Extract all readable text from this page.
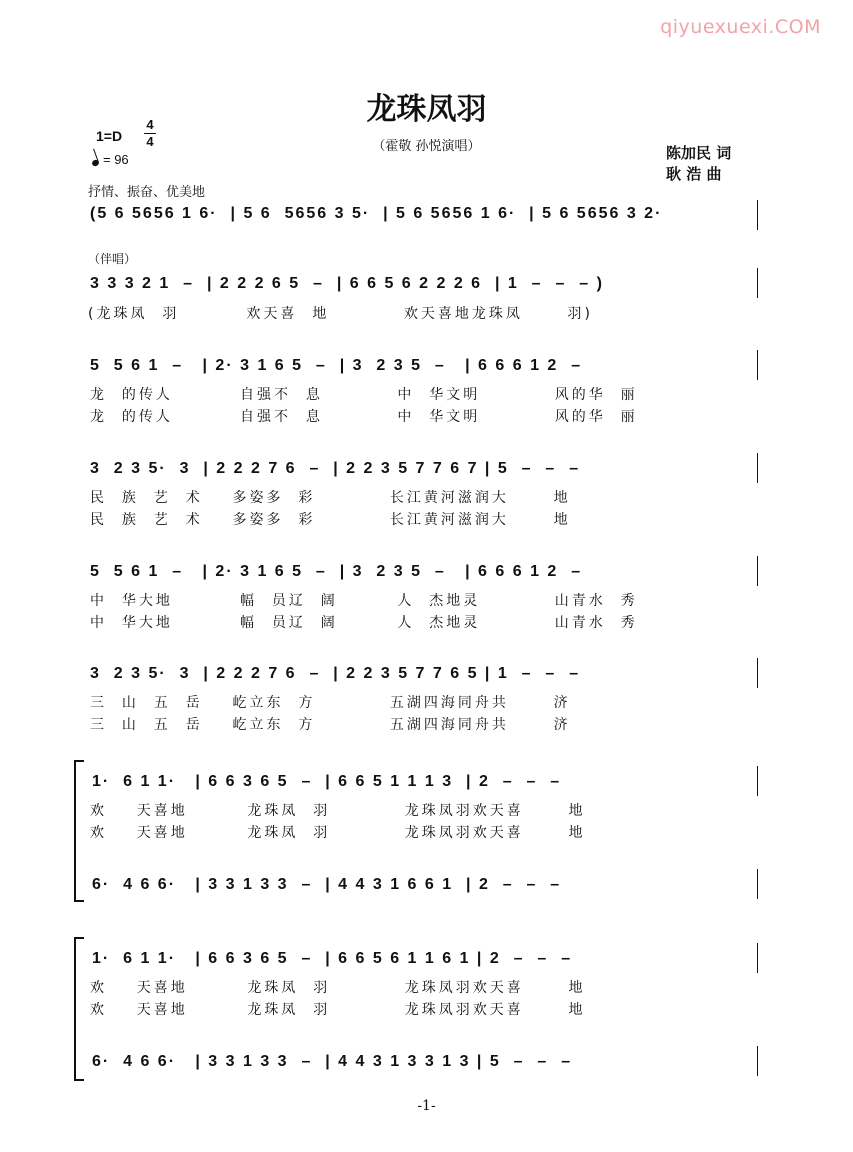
qiyuexuexi.COM
龙珠凤羽
（霍敬 孙悦演唱）
1=D
4
4
= 96	陈加民 词
耿 浩 曲
抒情、振奋、优美地
(5 6 5656 1 6·  | 5 6  5656 3 5·  | 5 6 5656 1 6·  | 5 6 5656 3 2·
（伴唱）
3 3 3 2 1  –  | 2 2 2 6 5  –  | 6 6 5 6 2 2 2 6  | 1  –  –  – )
(龙珠凤  羽         欢天喜  地          欢天喜地龙珠凤      羽)
5  5 6 1  –   | 2· 3 1 6 5  –  | 3  2 3 5  –   | 6 6 6 1 2  –
龙  的传人         自强不  息          中  华文明          风的华  丽
龙  的传人         自强不  息          中  华文明          风的华  丽
3  2 3 5·  3  | 2 2 2 7 6  –  | 2 2 3 5 7 7 6 7 | 5  –  –  –
民  族  艺  术    多姿多  彩          长江黄河滋润大      地
民  族  艺  术    多姿多  彩          长江黄河滋润大      地
5  5 6 1  –   | 2· 3 1 6 5  –  | 3  2 3 5  –   | 6 6 6 1 2  –
中  华大地         幅  员辽  阔        人  杰地灵          山青水  秀
中  华大地         幅  员辽  阔        人  杰地灵          山青水  秀
3  2 3 5·  3  | 2 2 2 7 6  –  | 2 2 3 5 7 7 6 5 | 1  –  –  –
三  山  五  岳    屹立东  方          五湖四海同舟共      济
三  山  五  岳    屹立东  方          五湖四海同舟共      济
1·  6 1 1·   | 6 6 3 6 5  –  | 6 6 5 1 1 1 3  | 2  –  –  –
欢    天喜地        龙珠凤  羽          龙珠凤羽欢天喜      地
欢    天喜地        龙珠凤  羽          龙珠凤羽欢天喜      地
6·  4 6 6·   | 3 3 1 3 3  –  | 4 4 3 1 6 6 1  | 2  –  –  –
1·  6 1 1·   | 6 6 3 6 5  –  | 6 6 5 6 1 1 6 1 | 2  –  –  –
欢    天喜地        龙珠凤  羽          龙珠凤羽欢天喜      地
欢    天喜地        龙珠凤  羽          龙珠凤羽欢天喜      地
6·  4 6 6·   | 3 3 1 3 3  –  | 4 4 3 1 3 3 1 3 | 5  –  –  –
-1-
